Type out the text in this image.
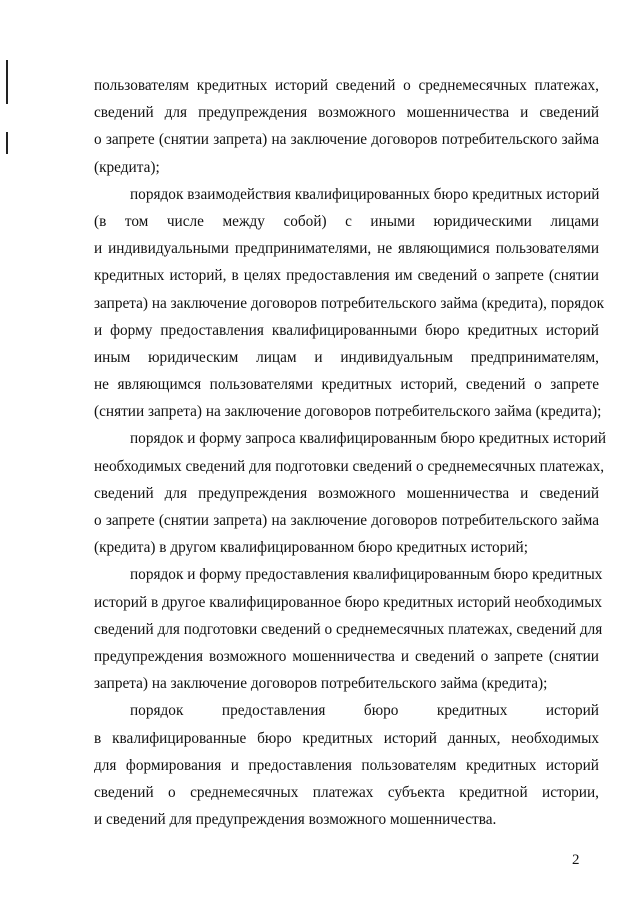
пользователям кредитных историй сведений о среднемесячных платежах,
сведений для предупреждения возможного мошенничества и сведений
о запрете (снятии запрета) на заключение договоров потребительского займа
(кредита);
порядок взаимодействия квалифицированных бюро кредитных историй
(в том числе между собой) с иными юридическими лицами
и индивидуальными предпринимателями, не являющимися пользователями
кредитных историй, в целях предоставления им сведений о запрете (снятии
запрета) на заключение договоров потребительского займа (кредита), порядок
и форму предоставления квалифицированными бюро кредитных историй
иным юридическим лицам и индивидуальным предпринимателям,
не являющимся пользователями кредитных историй, сведений о запрете
(снятии запрета) на заключение договоров потребительского займа (кредита);
порядок и форму запроса квалифицированным бюро кредитных историй
необходимых сведений для подготовки сведений о среднемесячных платежах,
сведений для предупреждения возможного мошенничества и сведений
о запрете (снятии запрета) на заключение договоров потребительского займа
(кредита) в другом квалифицированном бюро кредитных историй;
порядок и форму предоставления квалифицированным бюро кредитных
историй в другое квалифицированное бюро кредитных историй необходимых
сведений для подготовки сведений о среднемесячных платежах, сведений для
предупреждения возможного мошенничества и сведений о запрете (снятии
запрета) на заключение договоров потребительского займа (кредита);
порядок предоставления бюро кредитных историй
в квалифицированные бюро кредитных историй данных, необходимых
для формирования и предоставления пользователям кредитных историй
сведений о среднемесячных платежах субъекта кредитной истории,
и сведений для предупреждения возможного мошенничества.
2
